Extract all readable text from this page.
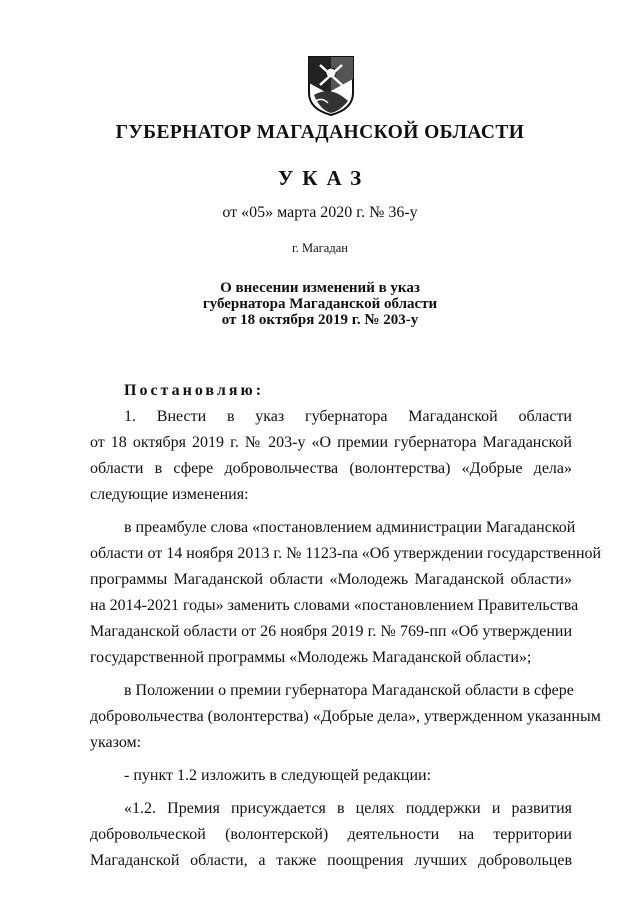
ГУБЕРНАТОР МАГАДАНСКОЙ ОБЛАСТИ
УКАЗ
от «05» марта 2020 г. № 36-у
г. Магадан
О внесении изменений в указ
губернатора Магаданской области
от 18 октября 2019 г. № 203-у
Постановляю:
1. Внести в указ губернатора Магаданской области
от 18 октября 2019 г. № 203-у «О премии губернатора Магаданской
области в сфере добровольчества (волонтерства) «Добрые дела»
следующие изменения:
в преамбуле слова «постановлением администрации Магаданской
области от 14 ноября 2013 г. № 1123-па «Об утверждении государственной
программы Магаданской области «Молодежь Магаданской области»
на 2014-2021 годы» заменить словами «постановлением Правительства
Магаданской области от 26 ноября 2019 г. № 769-пп «Об утверждении
государственной программы «Молодежь Магаданской области»;
в Положении о премии губернатора Магаданской области в сфере
добровольчества (волонтерства) «Добрые дела», утвержденном указанным
указом:
- пункт 1.2 изложить в следующей редакции:
«1.2. Премия присуждается в целях поддержки и развития
добровольческой (волонтерской) деятельности на территории
Магаданской области, а также поощрения лучших добровольцев
